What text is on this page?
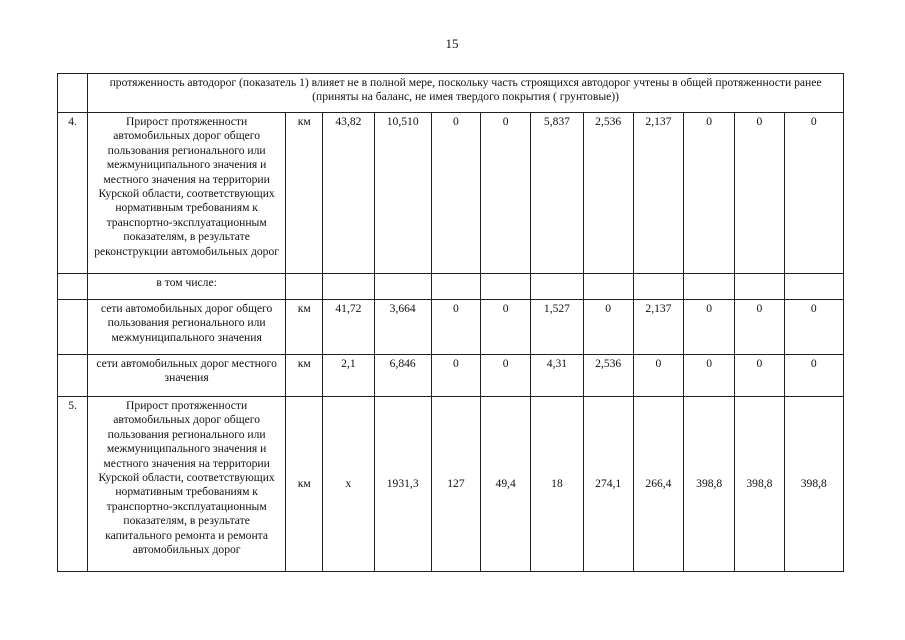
15
	протяженность автодорог (показатель 1) влияет не в полной мере, поскольку часть строящихся автодорог учтены в общей протяженности ранее (приняты на баланс, не имея твердого покрытия ( грунтовые))											
4.	Прирост протяженности автомобильных дорог общего пользования регионального или межмуниципального значения и местного значения на территории Курской области, соответствующих нормативным требованиям к транспортно-эксплуатационным показателям, в результате реконструкции автомобильных дорог	км	43,82	10,510	0	0	5,837	2,536	2,137	0	0	0
	в том числе:											
	сети автомобильных дорог общего пользования регионального или межмуниципального значения	км	41,72	3,664	0	0	1,527	0	2,137	0	0	0
	сети автомобильных дорог местного значения	км	2,1	6,846	0	0	4,31	2,536	0	0	0	0
5.	Прирост протяженности автомобильных дорог общего пользования регионального или межмуниципального значения и местного значения на территории Курской области, соответствующих нормативным требованиям к транспортно-эксплуатационным показателям, в результате капитального ремонта и ремонта автомобильных дорог	км	х	1931,3	127	49,4	18	274,1	266,4	398,8	398,8	398,8
